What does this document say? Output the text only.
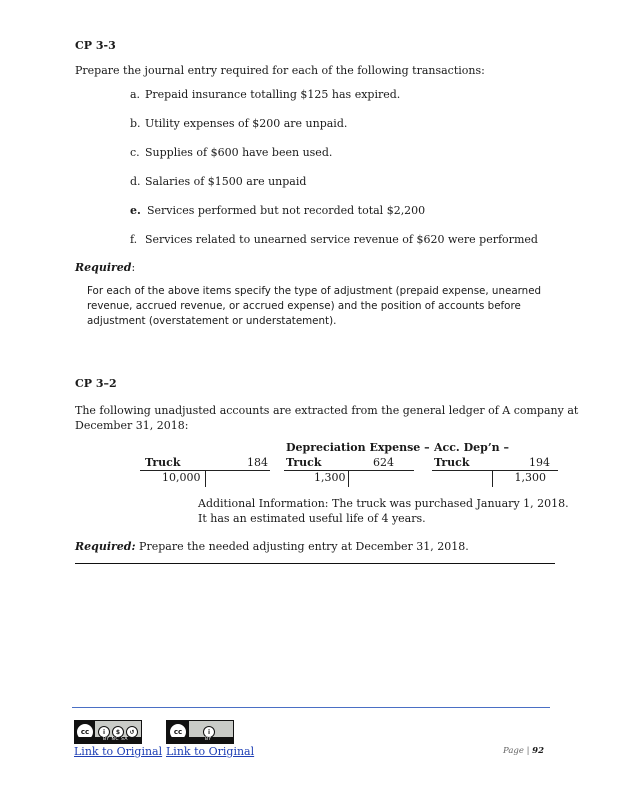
CP 3-3
Prepare the journal entry required for each of the following transactions:
a. Prepaid insurance totalling $125 has expired.
b. Utility expenses of $200 are unpaid.
c. Supplies of $600 have been used.
d. Salaries of $1500 are unpaid
e. Services performed but not recorded total $2,200
f. Services related to unearned service revenue of $620 were performed
Required:
For each of the above items specify the type of adjustment (prepaid expense, unearned
revenue, accrued revenue, or accrued expense) and the position of accounts before
adjustment (overstatement or understatement).
CP 3–2
The following unadjusted accounts are extracted from the general ledger of A company at
December 31, 2018:
Truck	184
10,000
Depreciation Expense –
Truck	624
1,300
Acc. Dep’n –
Truck	194
1,300
Additional Information: The truck was purchased January 1, 2018.
It has an estimated useful life of 4 years.
Required: Prepare the needed adjusting entry at December 31, 2018.
cc	i	$	↺
BY NC SA
cc	i
BY
Link to Original Link to Original	Page | 92
